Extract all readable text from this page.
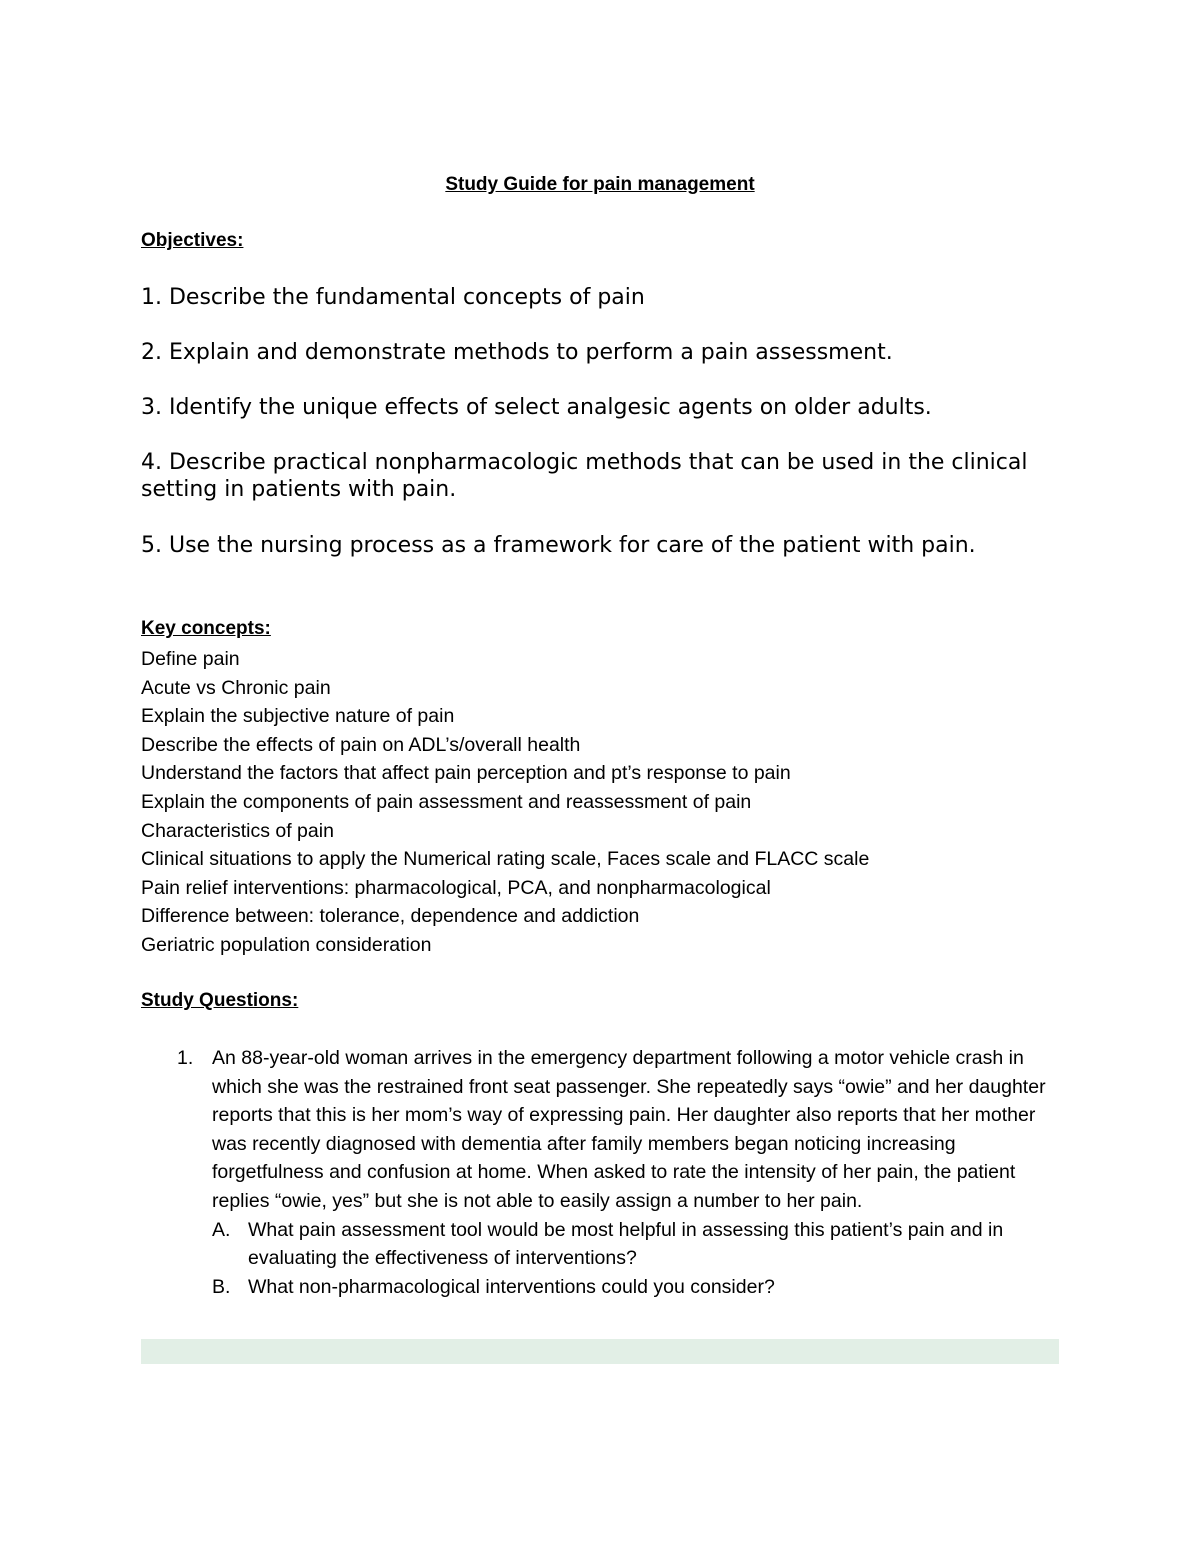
Study Guide for pain management
Objectives:
1. Describe the fundamental concepts of pain
2. Explain and demonstrate methods to perform a pain assessment.
3. Identify the unique effects of select analgesic agents on older adults.
4. Describe practical nonpharmacologic methods that can be used in the clinical setting in patients with pain.
5. Use the nursing process as a framework for care of the patient with pain.
Key concepts:
Define pain
Acute vs Chronic pain
Explain the subjective nature of pain
Describe the effects of pain on ADL’s/overall health
Understand the factors that affect pain perception and pt’s response to pain
Explain the components of pain assessment and reassessment of pain
Characteristics of pain
Clinical situations to apply the Numerical rating scale, Faces scale and FLACC scale
Pain relief interventions: pharmacological, PCA, and nonpharmacological
Difference between: tolerance, dependence and addiction
Geriatric population consideration
Study Questions:
1. An 88-year-old woman arrives in the emergency department following a motor vehicle crash in which she was the restrained front seat passenger. She repeatedly says “owie” and her daughter reports that this is her mom’s way of expressing pain. Her daughter also reports that her mother was recently diagnosed with dementia after family members began noticing increasing forgetfulness and confusion at home. When asked to rate the intensity of her pain, the patient replies “owie, yes” but she is not able to easily assign a number to her pain.
A. What pain assessment tool would be most helpful in assessing this patient’s pain and in evaluating the effectiveness of interventions?
B. What non-pharmacological interventions could you consider?
